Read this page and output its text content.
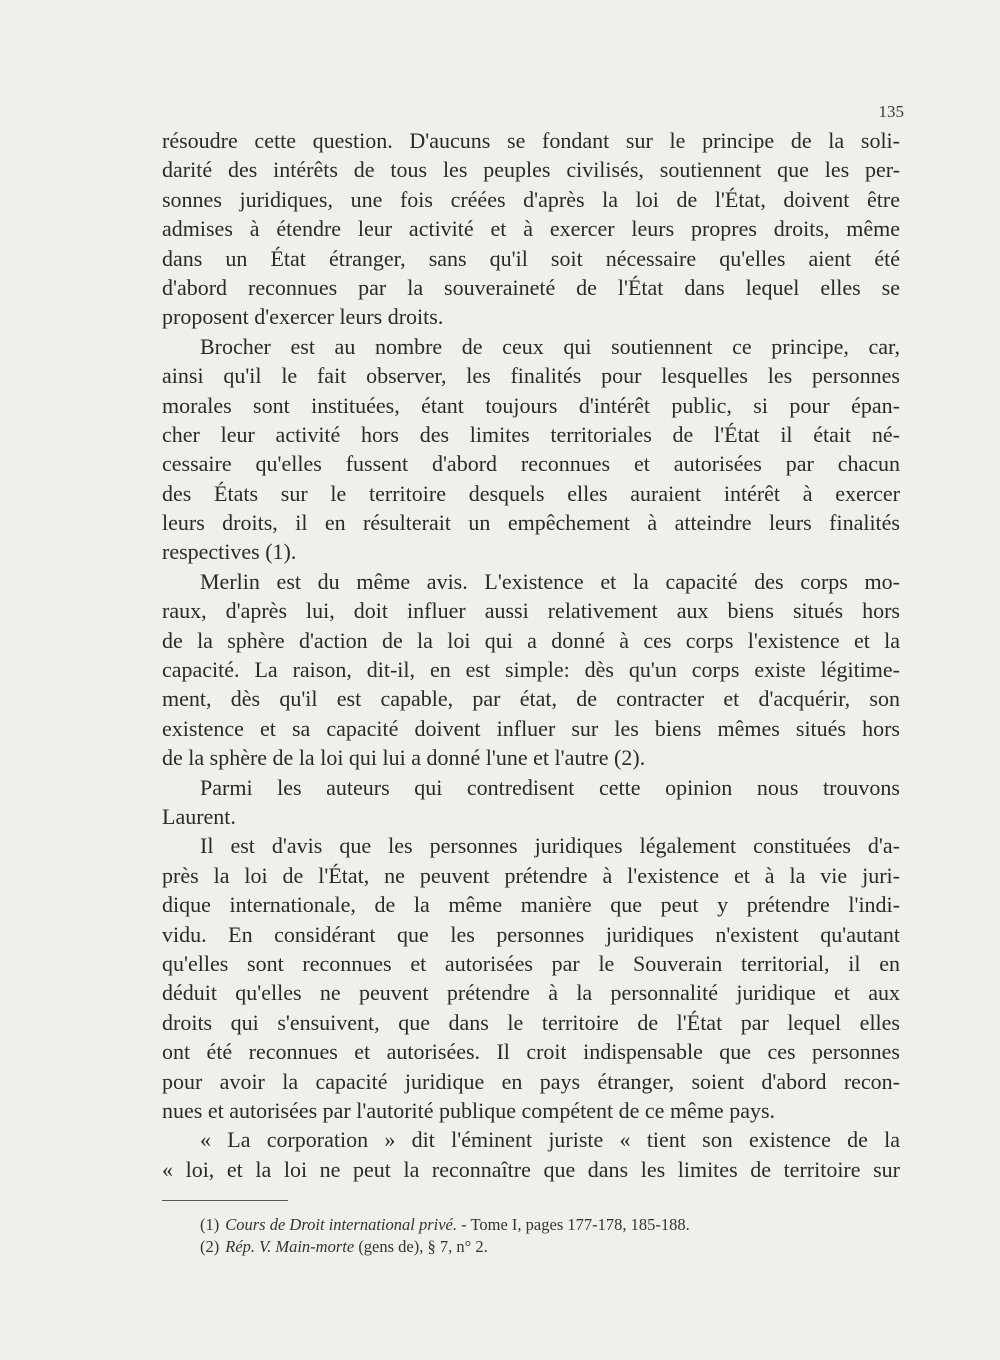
135
résoudre cette question. D'aucuns se fondant sur le principe de la soli-
darité des intérêts de tous les peuples civilisés, soutiennent que les per-
sonnes juridiques, une fois créées d'après la loi de l'État, doivent être
admises à étendre leur activité et à exercer leurs propres droits, même
dans un État étranger, sans qu'il soit nécessaire qu'elles aient été
d'abord reconnues par la souveraineté de l'État dans lequel elles se
proposent d'exercer leurs droits.
Brocher est au nombre de ceux qui soutiennent ce principe, car,
ainsi qu'il le fait observer, les finalités pour lesquelles les personnes
morales sont instituées, étant toujours d'intérêt public, si pour épan-
cher leur activité hors des limites territoriales de l'État il était né-
cessaire qu'elles fussent d'abord reconnues et autorisées par chacun
des États sur le territoire desquels elles auraient intérêt à exercer
leurs droits, il en résulterait un empêchement à atteindre leurs finalités
respectives (1).
Merlin est du même avis. L'existence et la capacité des corps mo-
raux, d'après lui, doit influer aussi relativement aux biens situés hors
de la sphère d'action de la loi qui a donné à ces corps l'existence et la
capacité. La raison, dit-il, en est simple: dès qu'un corps existe légitime-
ment, dès qu'il est capable, par état, de contracter et d'acquérir, son
existence et sa capacité doivent influer sur les biens mêmes situés hors
de la sphère de la loi qui lui a donné l'une et l'autre (2).
Parmi les auteurs qui contredisent cette opinion nous trouvons
Laurent.
Il est d'avis que les personnes juridiques légalement constituées d'a-
près la loi de l'État, ne peuvent prétendre à l'existence et à la vie juri-
dique internationale, de la même manière que peut y prétendre l'indi-
vidu. En considérant que les personnes juridiques n'existent qu'autant
qu'elles sont reconnues et autorisées par le Souverain territorial, il en
déduit qu'elles ne peuvent prétendre à la personnalité juridique et aux
droits qui s'ensuivent, que dans le territoire de l'État par lequel elles
ont été reconnues et autorisées. Il croit indispensable que ces personnes
pour avoir la capacité juridique en pays étranger, soient d'abord recon-
nues et autorisées par l'autorité publique compétent de ce même pays.
« La corporation » dit l'éminent juriste « tient son existence de la
« loi, et la loi ne peut la reconnaître que dans les limites de territoire sur
(1) Cours de Droit international privé. - Tome I, pages 177-178, 185-188.
(2) Rép. V. Main-morte (gens de), § 7, n° 2.
